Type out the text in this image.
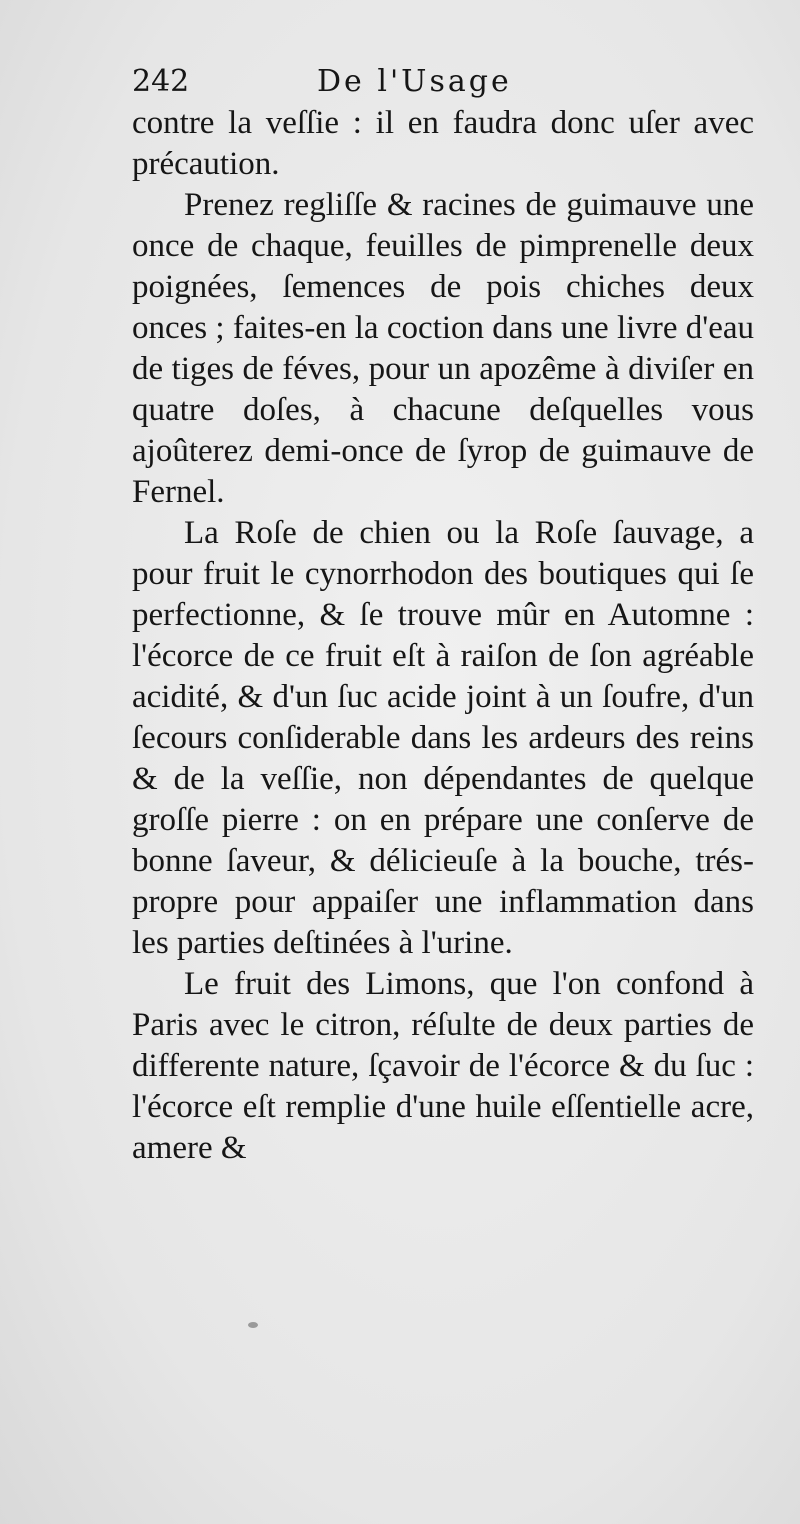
242	De l'Usage

contre la veſſie : il en faudra donc uſer avec précaution.

Prenez regliſſe & racines de guimauve une once de chaque, feuilles de pimprenelle deux poignées, ſemences de pois chiches deux onces ; faites-en la coction dans une livre d'eau de tiges de féves, pour un apozême à diviſer en quatre doſes, à chacune deſquelles vous ajoûterez demi-once de ſyrop de guimauve de Fernel.

La Roſe de chien ou la Roſe ſauvage, a pour fruit le cynorrhodon des boutiques qui ſe perfectionne, & ſe trouve mûr en Automne : l'écorce de ce fruit eſt à raiſon de ſon agréable acidité, & d'un ſuc acide joint à un ſoufre, d'un ſecours conſiderable dans les ardeurs des reins & de la veſſie, non dépendantes de quelque groſſe pierre : on en prépare une conſerve de bonne ſaveur, & délicieuſe à la bouche, trés-propre pour appaiſer une inflammation dans les parties deſtinées à l'urine.

Le fruit des Limons, que l'on confond à Paris avec le citron, réſulte de deux parties de differente nature, ſçavoir de l'écorce & du ſuc : l'écorce eſt remplie d'une huile eſſentielle acre, amere &
